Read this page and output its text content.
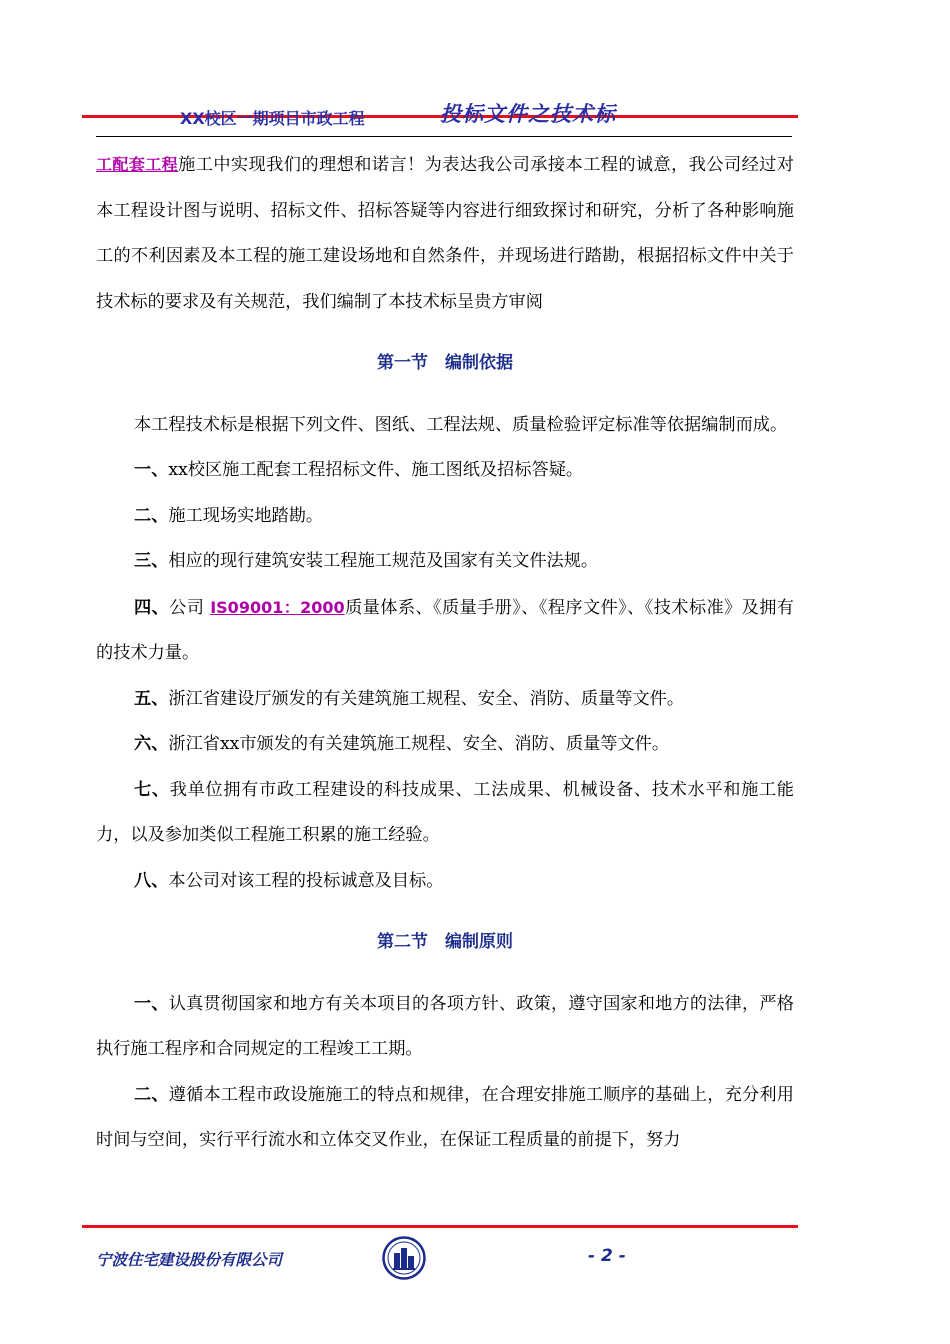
XX校区一期项目市政工程	投标文件之技术标

工配套工程施工中实现我们的理想和诺言！为表达我公司承接本工程的诚意，我公司经过对本工程设计图与说明、招标文件、招标答疑等内容进行细致探讨和研究，分析了各种影响施工的不利因素及本工程的施工建设场地和自然条件，并现场进行踏勘，根据招标文件中关于技术标的要求及有关规范，我们编制了本技术标呈贵方审阅

第一节　编制依据

本工程技术标是根据下列文件、图纸、工程法规、质量检验评定标准等依据编制而成。

一、xx校区施工配套工程招标文件、施工图纸及招标答疑。

二、施工现场实地踏勘。

三、相应的现行建筑安装工程施工规范及国家有关文件法规。

四、公司 IS09001：2000质量体系、《质量手册》、《程序文件》、《技术标准》及拥有的技术力量。

五、浙江省建设厅颁发的有关建筑施工规程、安全、消防、质量等文件。

六、浙江省xx市颁发的有关建筑施工规程、安全、消防、质量等文件。

七、我单位拥有市政工程建设的科技成果、工法成果、机械设备、技术水平和施工能力，以及参加类似工程施工积累的施工经验。

八、本公司对该工程的投标诚意及目标。

第二节　编制原则

一、认真贯彻国家和地方有关本项目的各项方针、政策，遵守国家和地方的法律，严格执行施工程序和合同规定的工程竣工工期。

二、遵循本工程市政设施施工的特点和规律，在合理安排施工顺序的基础上，充分利用时间与空间，实行平行流水和立体交叉作业，在保证工程质量的前提下，努力

宁波住宅建设股份有限公司	- 2 -
